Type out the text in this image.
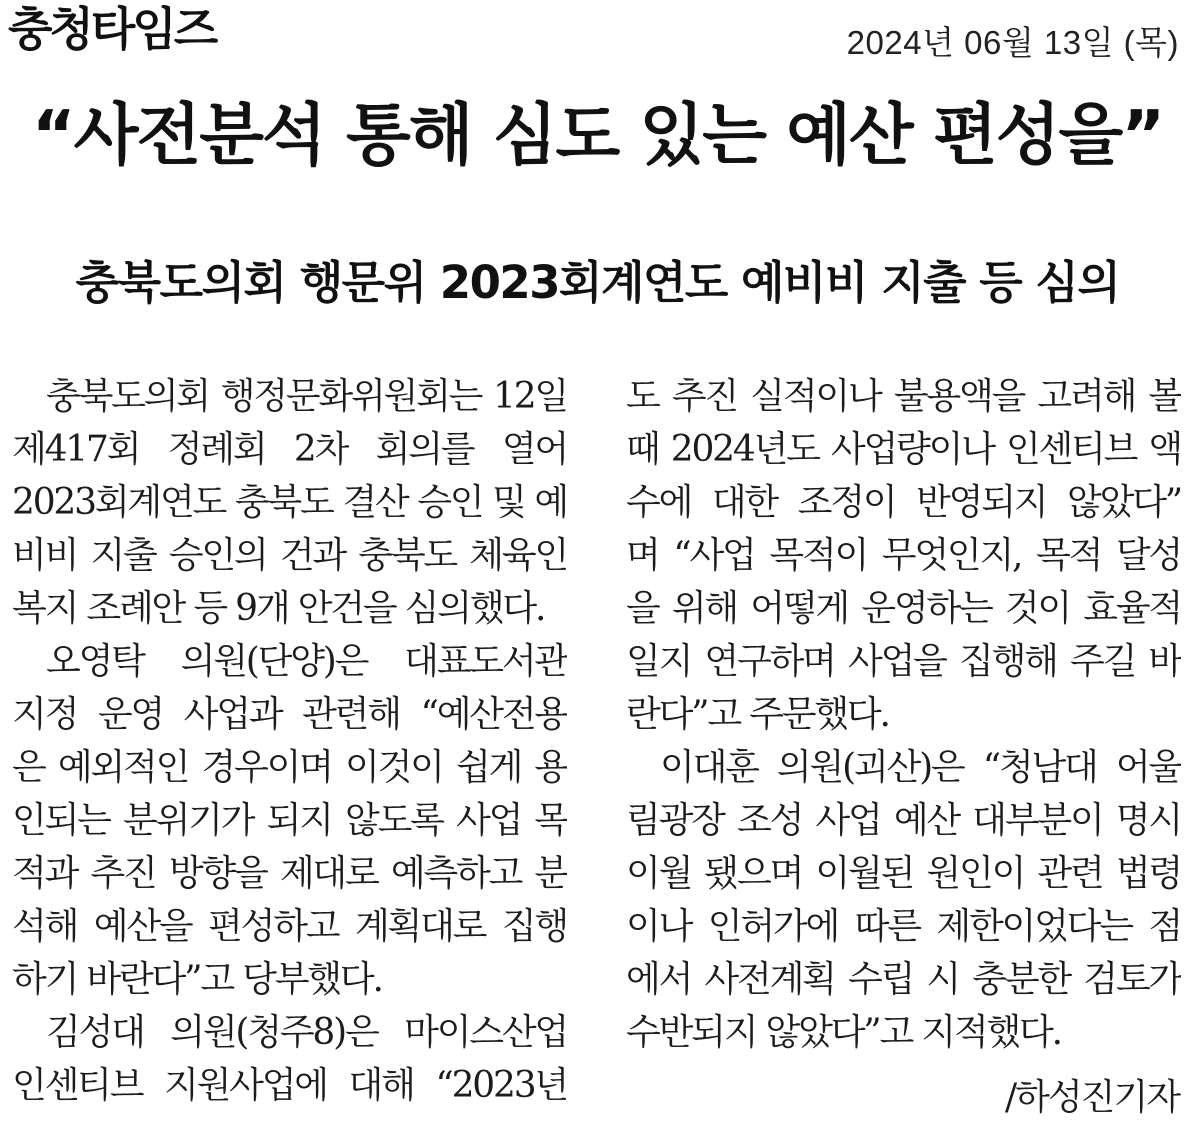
충청타임즈	2024년 06월 13일 (목)
“사전분석 통해 심도 있는 예산 편성을”
충북도의회 행문위 2023회계연도 예비비 지출 등 심의
충북도의회 행정문화위원회는 12일
제417회 정례회 2차 회의를 열어
2023회계연도 충북도 결산 승인 및 예
비비 지출 승인의 건과 충북도 체육인
복지 조례안 등 9개 안건을 심의했다.
오영탁 의원(단양)은 대표도서관
지정 운영 사업과 관련해 “예산전용
은 예외적인 경우이며 이것이 쉽게 용
인되는 분위기가 되지 않도록 사업 목
적과 추진 방향을 제대로 예측하고 분
석해 예산을 편성하고 계획대로 집행
하기 바란다”고 당부했다.
김성대 의원(청주8)은 마이스산업
인센티브 지원사업에 대해 “2023년
도 추진 실적이나 불용액을 고려해 볼
때 2024년도 사업량이나 인센티브 액
수에 대한 조정이 반영되지 않았다”
며 “사업 목적이 무엇인지, 목적 달성
을 위해 어떻게 운영하는 것이 효율적
일지 연구하며 사업을 집행해 주길 바
란다”고 주문했다.
이대훈 의원(괴산)은 “청남대 어울
림광장 조성 사업 예산 대부분이 명시
이월 됐으며 이월된 원인이 관련 법령
이나 인허가에 따른 제한이었다는 점
에서 사전계획 수립 시 충분한 검토가
수반되지 않았다”고 지적했다.
/하성진기자
